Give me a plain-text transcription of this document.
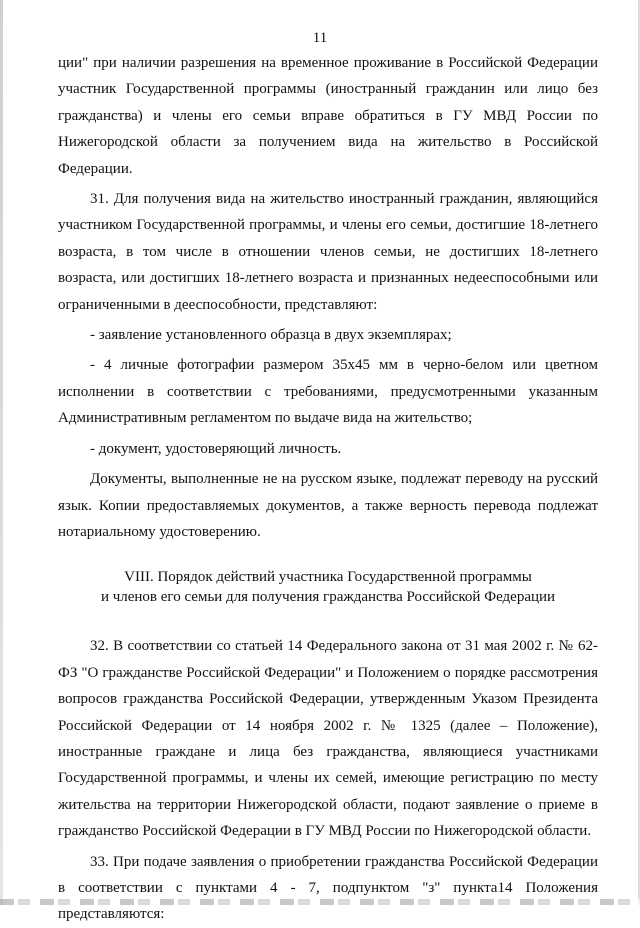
11

ции" при наличии разрешения на временное проживание в Российской Федерации участник Государственной программы (иностранный гражданин или лицо без гражданства) и члены его семьи вправе обратиться в ГУ МВД России по Нижегородской области за получением вида на жительство в Российской Федерации.

31. Для получения вида на жительство иностранный гражданин, являющийся участником Государственной программы, и члены его семьи, достигшие 18-летнего возраста, в том числе в отношении членов семьи, не достигших 18-летнего возраста, или достигших 18-летнего возраста и признанных недееспособными или ограниченными в дееспособности, представляют:

- заявление установленного образца в двух экземплярах;

- 4 личные фотографии размером 35х45 мм в черно-белом или цветном исполнении в соответствии с требованиями, предусмотренными указанным Административным регламентом по выдаче вида на жительство;

- документ, удостоверяющий личность.

Документы, выполненные не на русском языке, подлежат переводу на русский язык. Копии предоставляемых документов, а также верность перевода подлежат нотариальному удостоверению.

VIII. Порядок действий участника Государственной программы
и членов его семьи для получения гражданства Российской Федерации

32. В соответствии со статьей 14 Федерального закона от 31 мая 2002 г. № 62-ФЗ "О гражданстве Российской Федерации" и Положением о порядке рассмотрения вопросов гражданства Российской Федерации, утвержденным Указом Президента Российской Федерации от 14 ноября 2002 г. № 1325 (далее – Положение), иностранные граждане и лица без гражданства, являющиеся участниками Государственной программы, и члены их семей, имеющие регистрацию по месту жительства на территории Нижегородской области, подают заявление о приеме в гражданство Российской Федерации в ГУ МВД России по Нижегородской области.

33. При подаче заявления о приобретении гражданства Российской Федерации в соответствии с пунктами 4 - 7, подпунктом "з" пункта14 Положения представляются:
